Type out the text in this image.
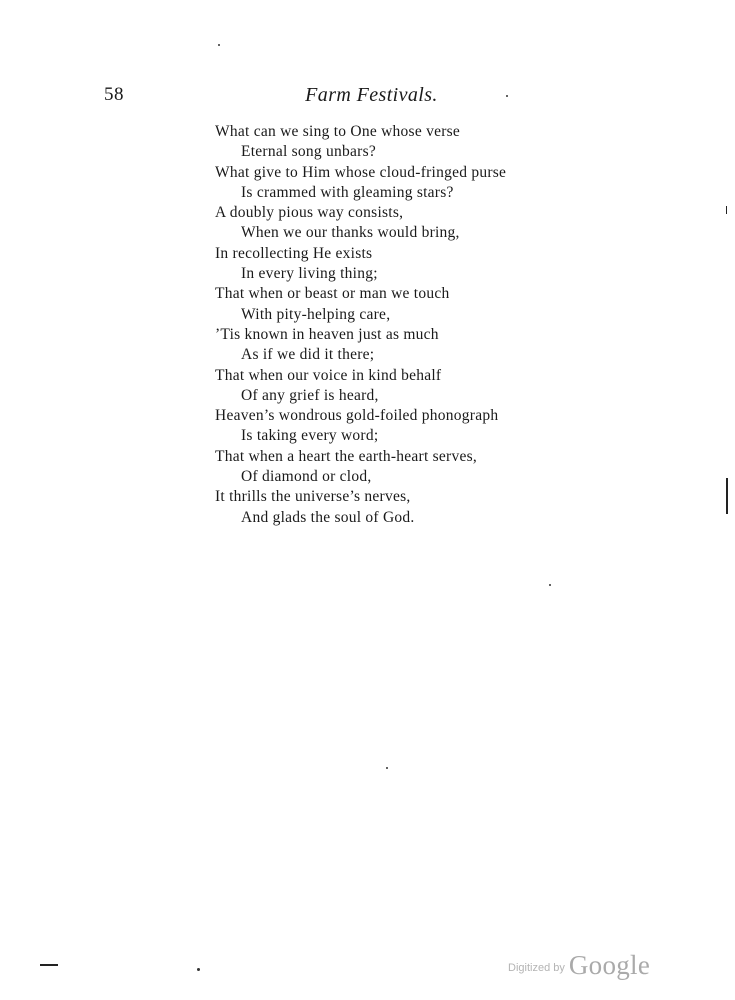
58	Farm Festivals.
What can we sing to One whose verse
Eternal song unbars?
What give to Him whose cloud-fringed purse
Is crammed with gleaming stars?
A doubly pious way consists,
When we our thanks would bring,
In recollecting He exists
In every living thing;
That when or beast or man we touch
With pity-helping care,
’Tis known in heaven just as much
As if we did it there;
That when our voice in kind behalf
Of any grief is heard,
Heaven’s wondrous gold-foiled phonograph
Is taking every word;
That when a heart the earth-heart serves,
Of diamond or clod,
It thrills the universe’s nerves,
And glads the soul of God.
Digitized by Google
